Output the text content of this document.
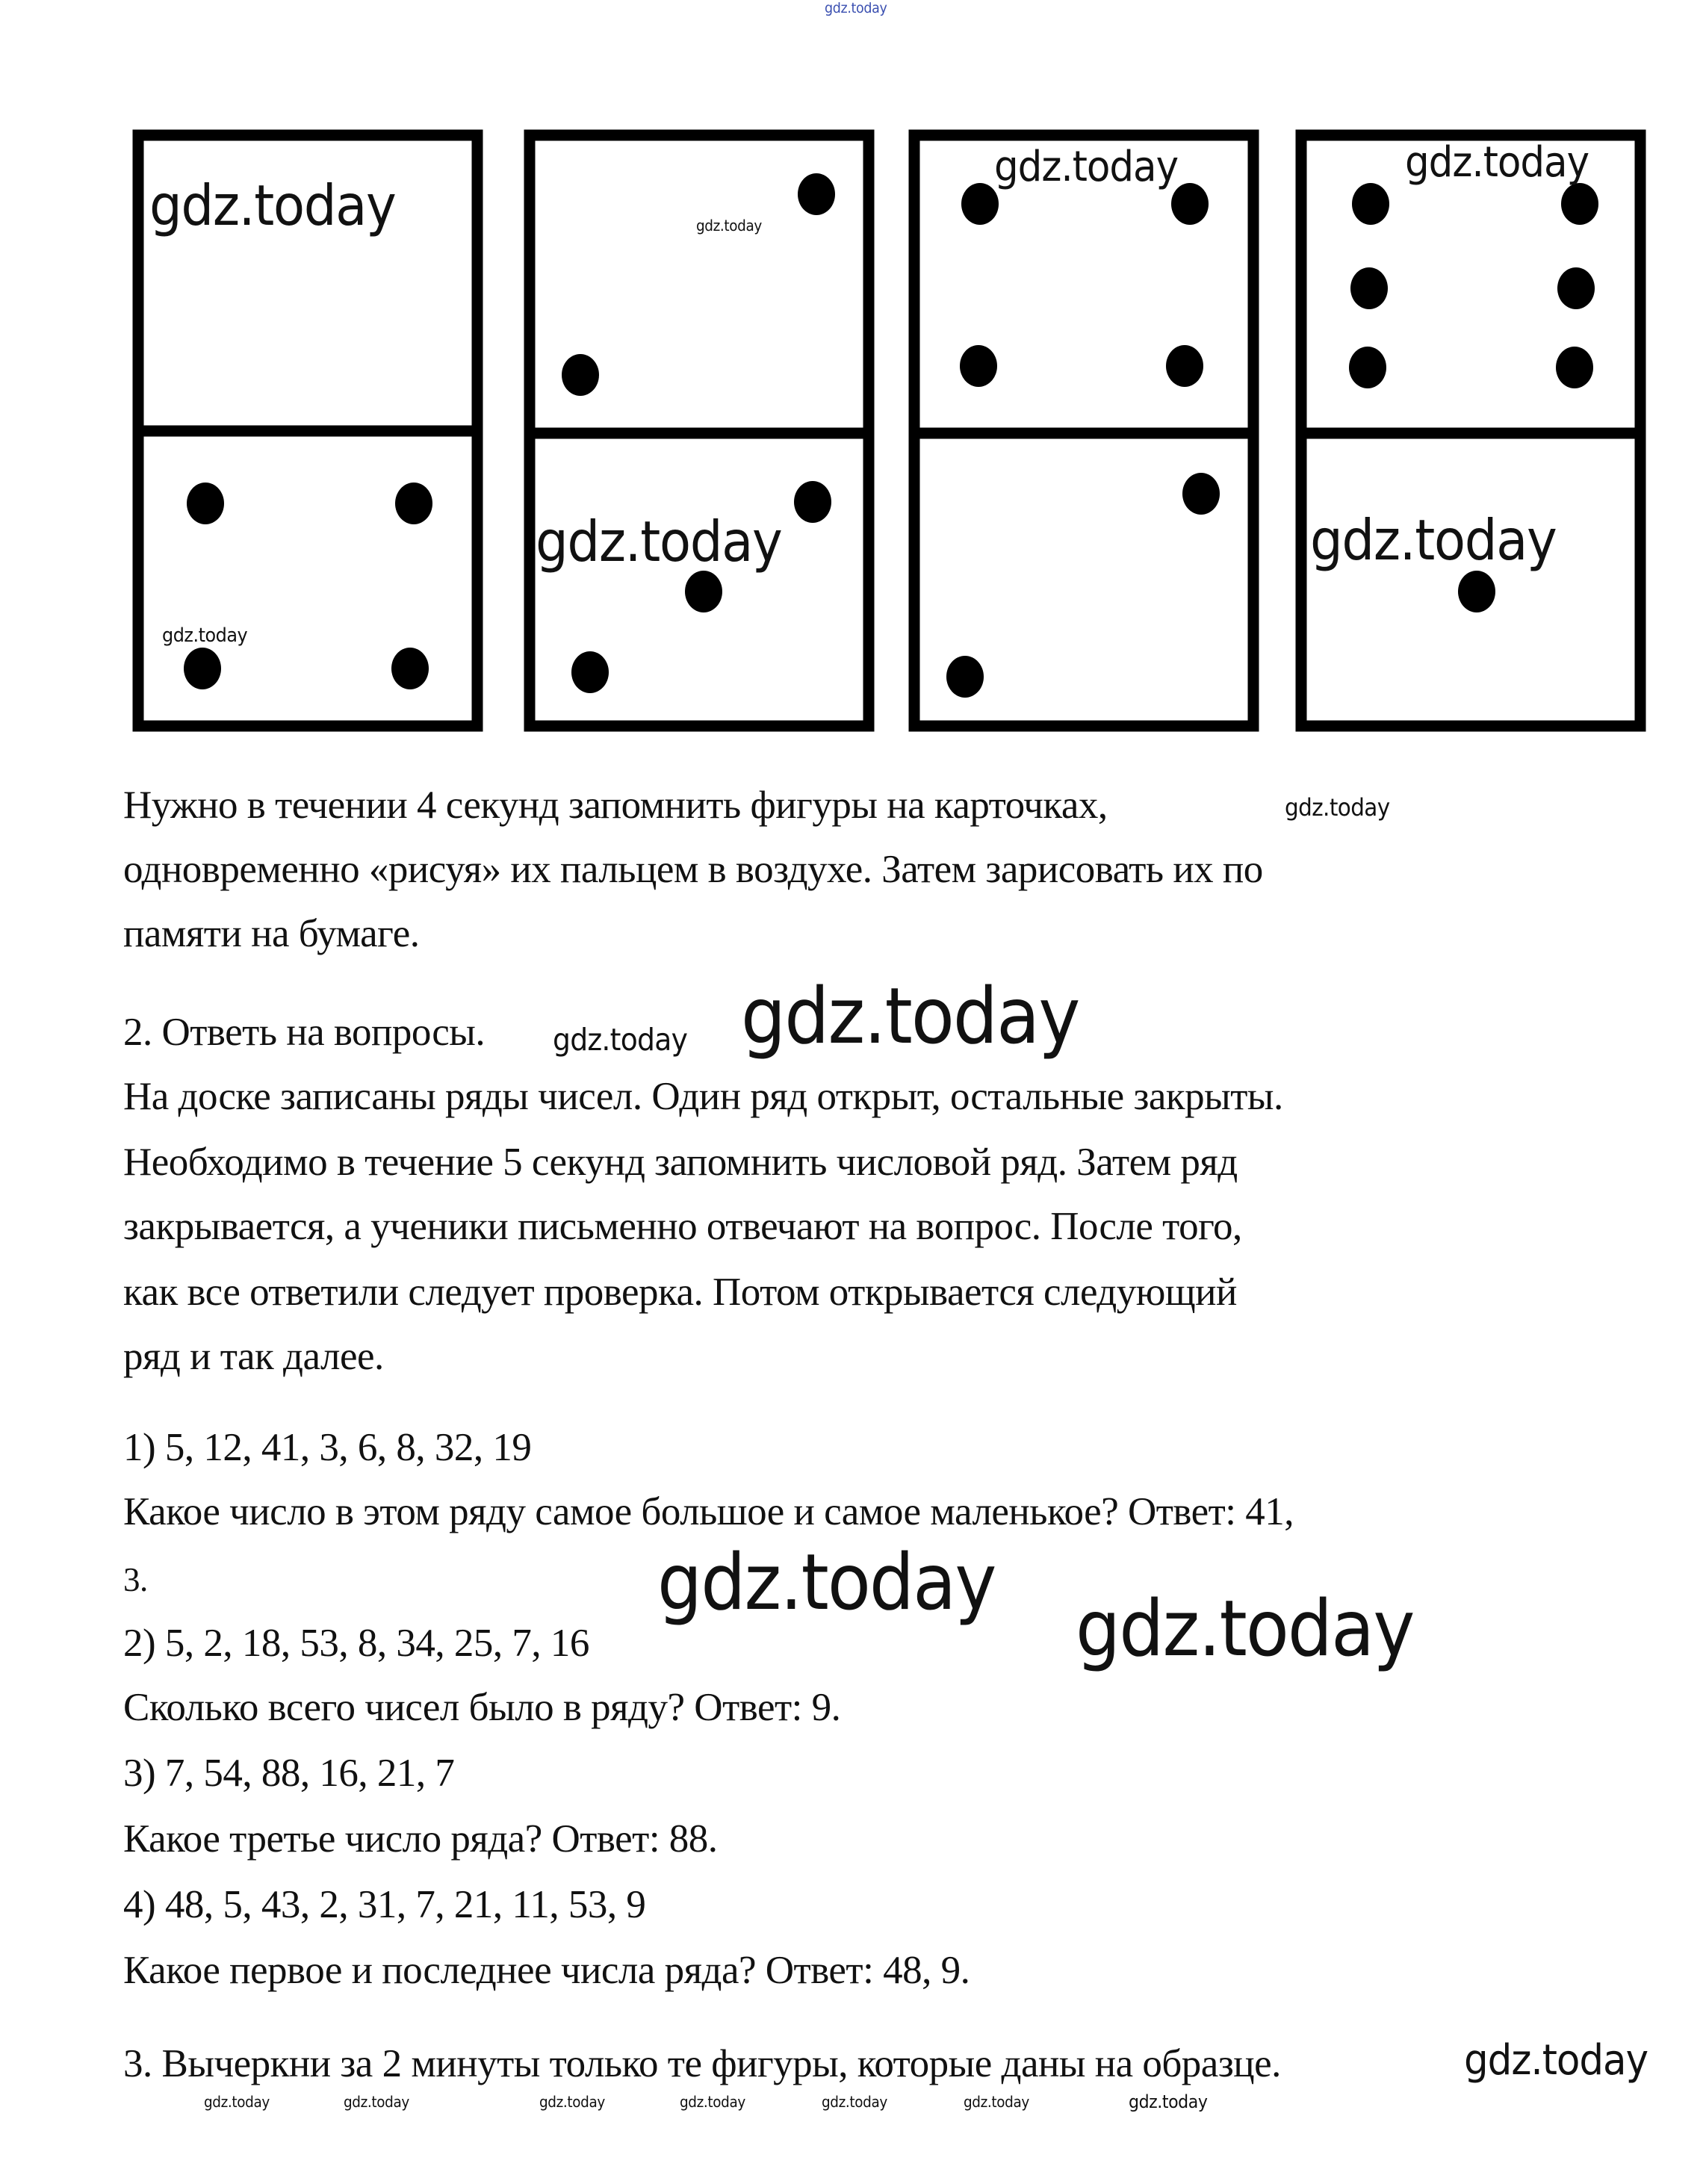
gdz.today
gdz.today	gdz.today
gdz.today	gdz.today
gdz.today
gdz.today	gdz.today
gdz.today
gdz.today
gdz.today
gdz.today
gdz.today
Нужно в течении 4 секунд запомнить фигуры на карточках,
одновременно «рисуя» их пальцем в воздухе. Затем зарисовать их по
памяти на бумаге.
2. Ответь на вопросы.
На доске записаны ряды чисел. Один ряд открыт, остальные закрыты.
Необходимо в течение 5 секунд запомнить числовой ряд. Затем ряд
закрывается, а ученики письменно отвечают на вопрос. После того,
как все ответили следует проверка. Потом открывается следующий
ряд и так далее.
1) 5, 12, 41, 3, 6, 8, 32, 19
Какое число в этом ряду самое большое и самое маленькое? Ответ: 41,
3.
2) 5, 2, 18, 53, 8, 34, 25, 7, 16
Сколько всего чисел было в ряду? Ответ: 9.
3) 7, 54, 88, 16, 21, 7
Какое третье число ряда? Ответ: 88.
4) 48, 5, 43, 2, 31, 7, 21, 11, 53, 9
Какое первое и последнее числа ряда? Ответ: 48, 9.
3. Вычеркни за 2 минуты только те фигуры, которые даны на образце.
gdz.today	gdz.today	gdz.today	gdz.today	gdz.today	gdz.today	gdz.today
gdz.today
